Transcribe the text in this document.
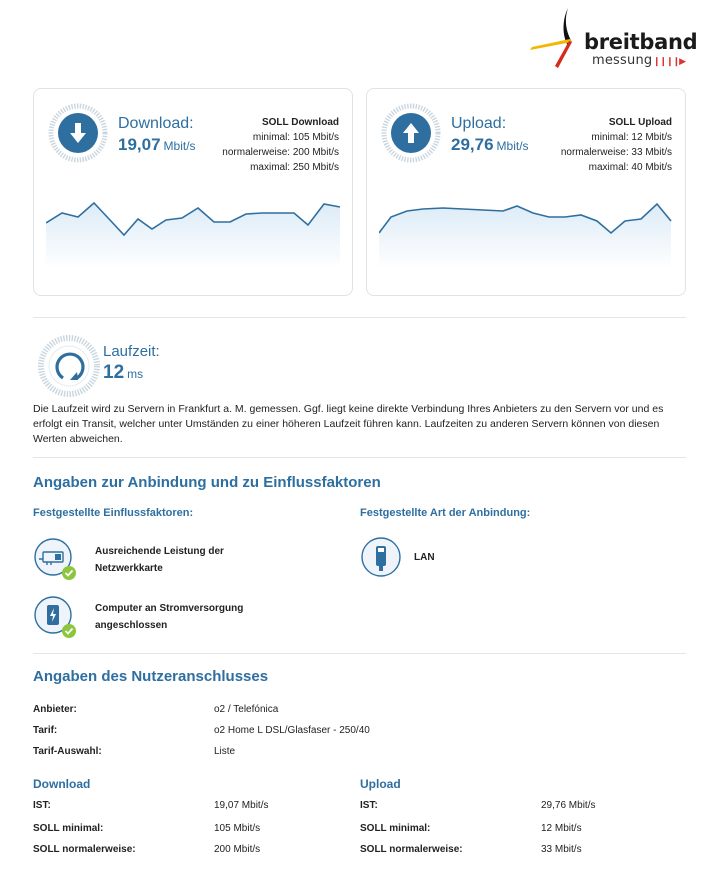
breitband
messung ❙❙❙❙▶
Download:
19,07 Mbit/s
SOLL Download
minimal: 105 Mbit/s
normalerweise: 200 Mbit/s
maximal: 250 Mbit/s
Upload:
29,76 Mbit/s
SOLL Upload
minimal: 12 Mbit/s
normalerweise: 33 Mbit/s
maximal: 40 Mbit/s
Laufzeit:
12 ms
Die Laufzeit wird zu Servern in Frankfurt a. M. gemessen. Ggf. liegt keine direkte Verbindung Ihres Anbieters zu den Servern vor und es erfolgt ein Transit, welcher unter Umständen zu einer höheren Laufzeit führen kann. Laufzeiten zu anderen Servern können von diesen Werten abweichen.
Angaben zur Anbindung und zu Einflussfaktoren
Festgestellte Einflussfaktoren:	Festgestellte Art der Anbindung:
Ausreichende Leistung der
Netzwerkkarte
Computer an Stromversorgung
angeschlossen
LAN
Angaben des Nutzeranschlusses
Anbieter:	o2 / Telefónica
Tarif:	o2 Home L DSL/Glasfaser - 250/40
Tarif-Auswahl:	Liste
Download	Upload
IST:	19,07 Mbit/s
SOLL minimal:	105 Mbit/s
SOLL normalerweise:	200 Mbit/s
IST:	29,76 Mbit/s
SOLL minimal:	12 Mbit/s
SOLL normalerweise:	33 Mbit/s
